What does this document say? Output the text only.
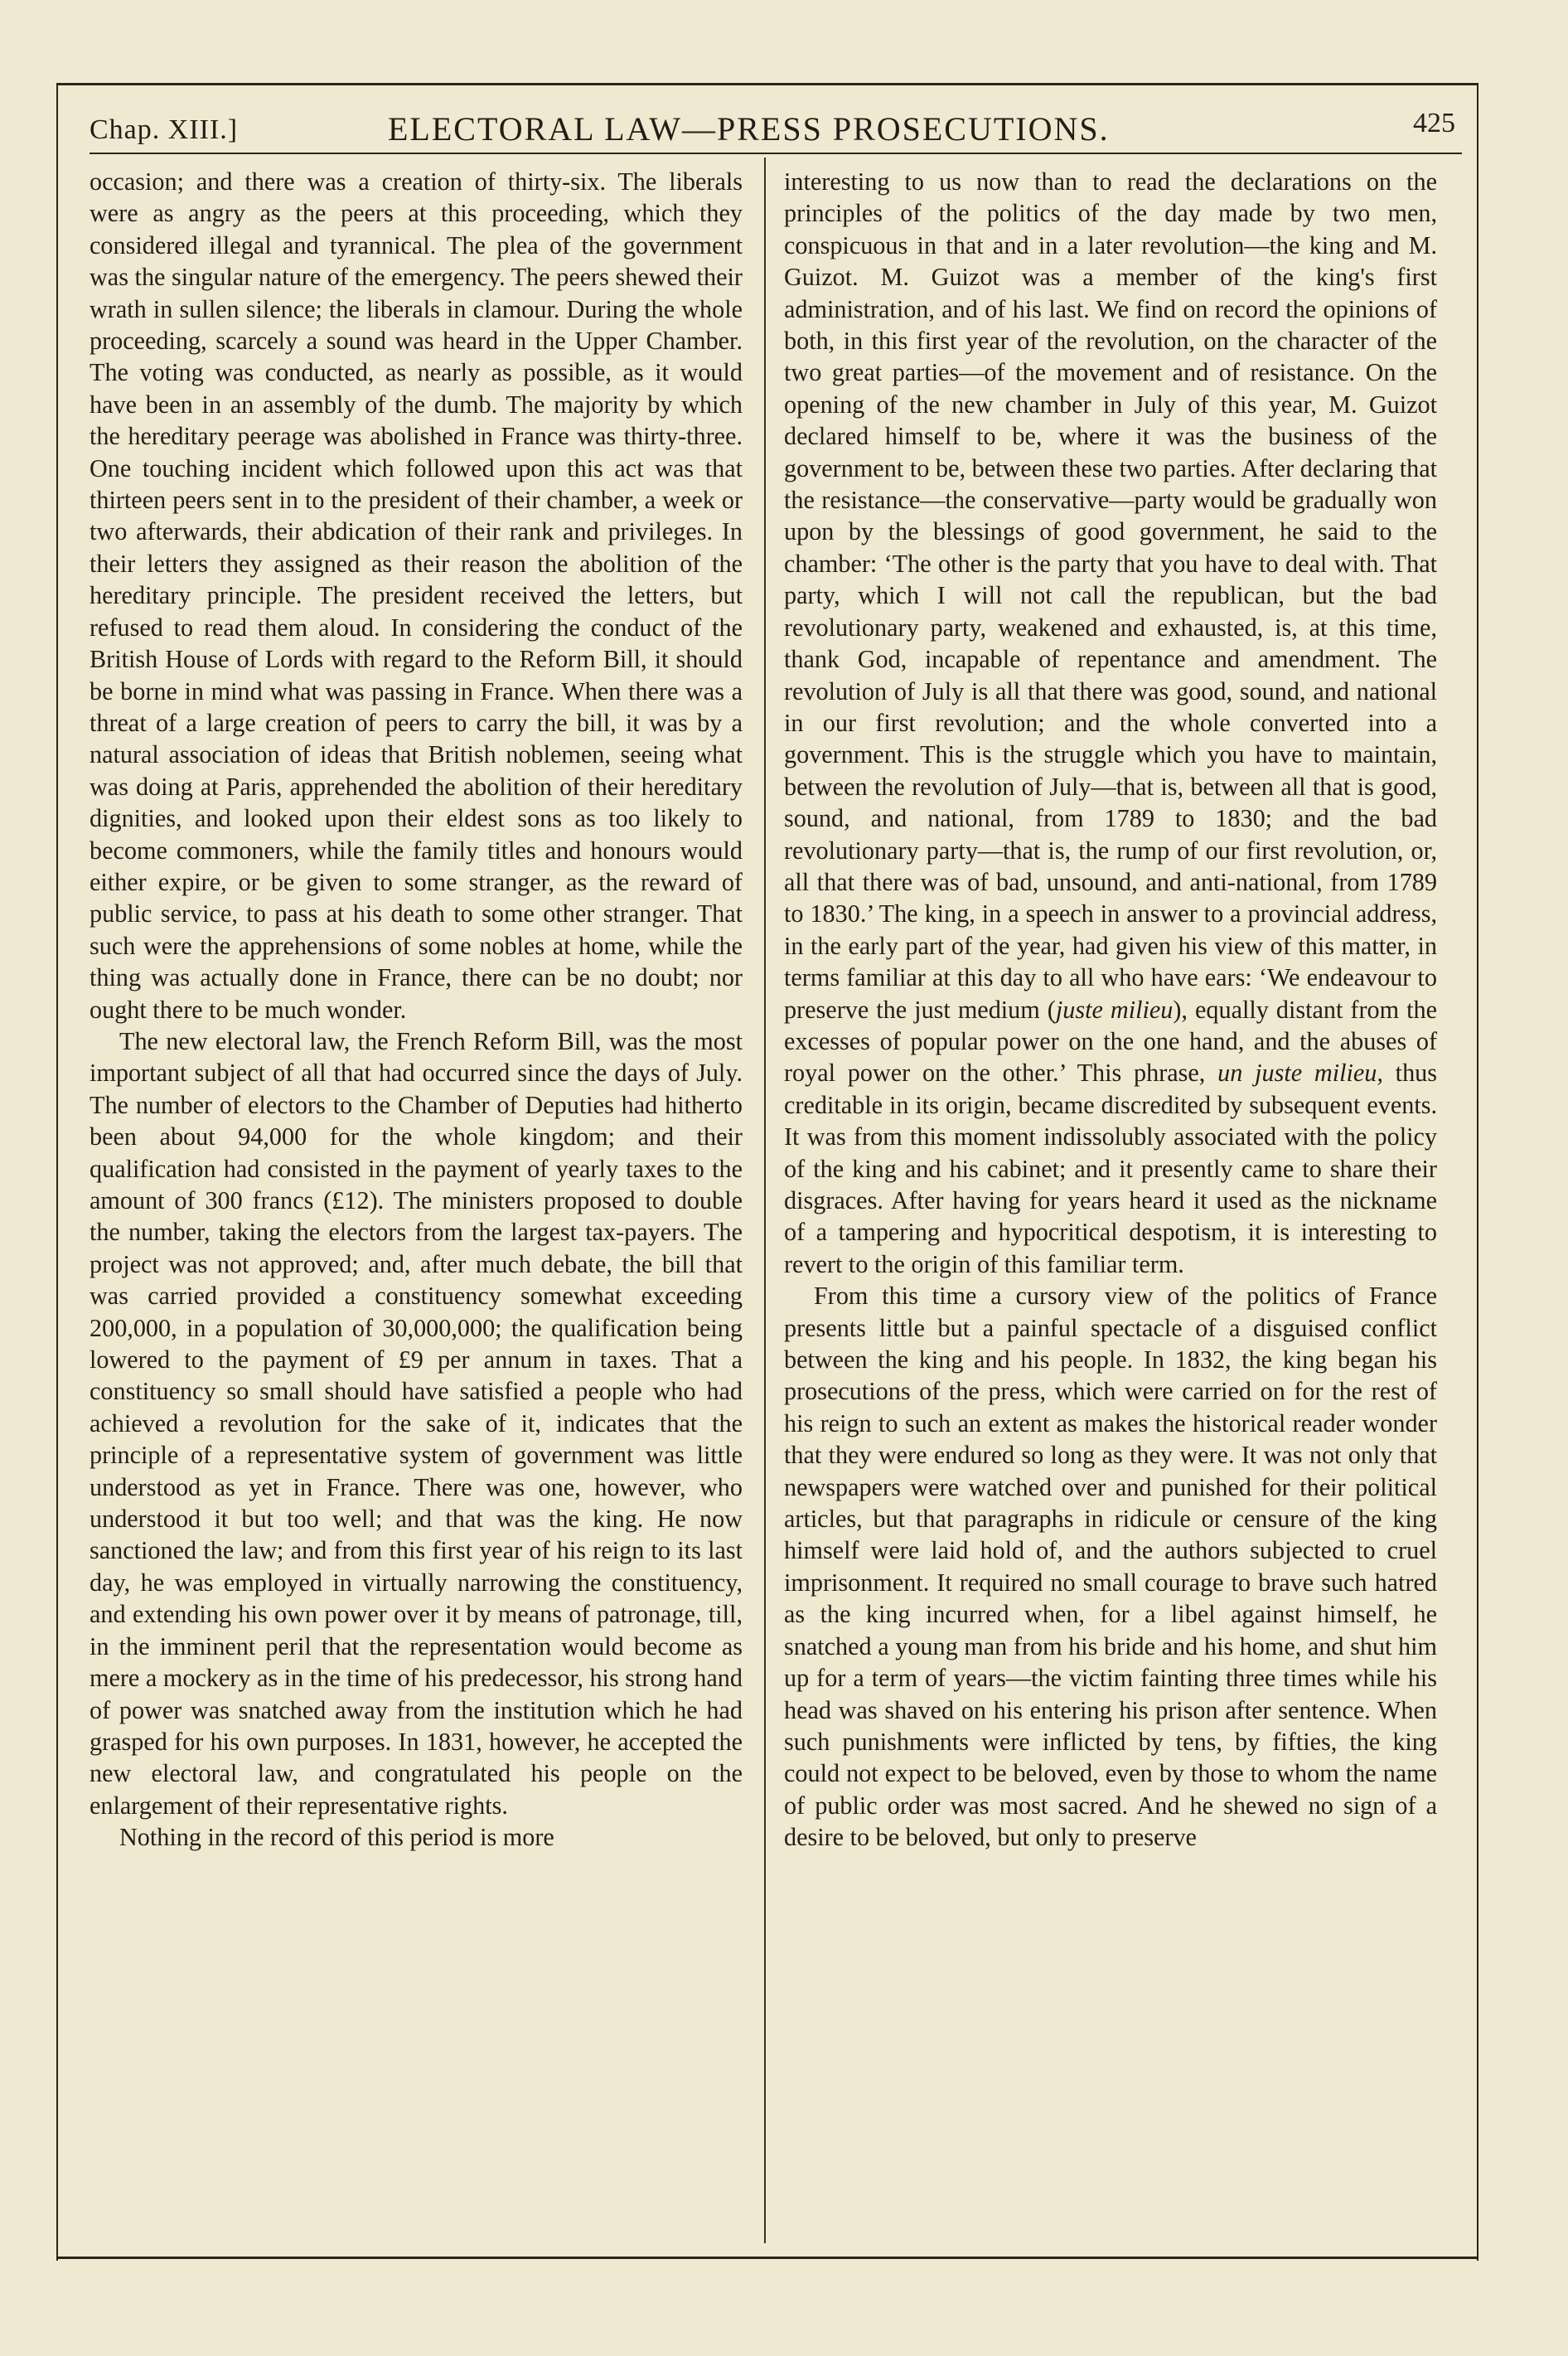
Chap. XIII.]	ELECTORAL LAW—PRESS PROSECUTIONS.	425

occasion; and there was a creation of thirty-six. The liberals were as angry as the peers at this proceeding, which they considered illegal and tyrannical. The plea of the government was the singular nature of the emergency. The peers shewed their wrath in sullen silence; the liberals in clamour. During the whole proceeding, scarcely a sound was heard in the Upper Chamber. The voting was conducted, as nearly as possible, as it would have been in an assembly of the dumb. The majority by which the hereditary peerage was abolished in France was thirty-three. One touching incident which followed upon this act was that thirteen peers sent in to the president of their chamber, a week or two afterwards, their abdication of their rank and privileges. In their letters they assigned as their reason the abolition of the hereditary principle. The president received the letters, but refused to read them aloud. In considering the conduct of the British House of Lords with regard to the Reform Bill, it should be borne in mind what was passing in France. When there was a threat of a large creation of peers to carry the bill, it was by a natural association of ideas that British noblemen, seeing what was doing at Paris, apprehended the abolition of their hereditary dignities, and looked upon their eldest sons as too likely to become commoners, while the family titles and honours would either expire, or be given to some stranger, as the reward of public service, to pass at his death to some other stranger. That such were the apprehensions of some nobles at home, while the thing was actually done in France, there can be no doubt; nor ought there to be much wonder.

The new electoral law, the French Reform Bill, was the most important subject of all that had occurred since the days of July. The number of electors to the Chamber of Deputies had hitherto been about 94,000 for the whole kingdom; and their qualification had consisted in the payment of yearly taxes to the amount of 300 francs (£12). The ministers proposed to double the number, taking the electors from the largest tax-payers. The project was not approved; and, after much debate, the bill that was carried provided a constituency somewhat exceeding 200,000, in a population of 30,000,000; the qualification being lowered to the payment of £9 per annum in taxes. That a constituency so small should have satisfied a people who had achieved a revolution for the sake of it, indicates that the principle of a representative system of government was little understood as yet in France. There was one, however, who understood it but too well; and that was the king. He now sanctioned the law; and from this first year of his reign to its last day, he was employed in virtually narrowing the constituency, and extending his own power over it by means of patronage, till, in the imminent peril that the representation would become as mere a mockery as in the time of his predecessor, his strong hand of power was snatched away from the institution which he had grasped for his own purposes. In 1831, however, he accepted the new electoral law, and congratulated his people on the enlargement of their representative rights.

Nothing in the record of this period is more

interesting to us now than to read the declarations on the principles of the politics of the day made by two men, conspicuous in that and in a later revolution—the king and M. Guizot. M. Guizot was a member of the king's first administration, and of his last. We find on record the opinions of both, in this first year of the revolution, on the character of the two great parties—of the movement and of resistance. On the opening of the new chamber in July of this year, M. Guizot declared himself to be, where it was the business of the government to be, between these two parties. After declaring that the resistance—the conservative—party would be gradually won upon by the blessings of good government, he said to the chamber: ‘The other is the party that you have to deal with. That party, which I will not call the republican, but the bad revolutionary party, weakened and exhausted, is, at this time, thank God, incapable of repentance and amendment. The revolution of July is all that there was good, sound, and national in our first revolution; and the whole converted into a government. This is the struggle which you have to maintain, between the revolution of July—that is, between all that is good, sound, and national, from 1789 to 1830; and the bad revolutionary party—that is, the rump of our first revolution, or, all that there was of bad, unsound, and anti-national, from 1789 to 1830.’ The king, in a speech in answer to a provincial address, in the early part of the year, had given his view of this matter, in terms familiar at this day to all who have ears: ‘We endeavour to preserve the just medium (juste milieu), equally distant from the excesses of popular power on the one hand, and the abuses of royal power on the other.’ This phrase, un juste milieu, thus creditable in its origin, became discredited by subsequent events. It was from this moment indissolubly associated with the policy of the king and his cabinet; and it presently came to share their disgraces. After having for years heard it used as the nickname of a tampering and hypocritical despotism, it is interesting to revert to the origin of this familiar term.

From this time a cursory view of the politics of France presents little but a painful spectacle of a disguised conflict between the king and his people. In 1832, the king began his prosecutions of the press, which were carried on for the rest of his reign to such an extent as makes the historical reader wonder that they were endured so long as they were. It was not only that newspapers were watched over and punished for their political articles, but that paragraphs in ridicule or censure of the king himself were laid hold of, and the authors subjected to cruel imprisonment. It required no small courage to brave such hatred as the king incurred when, for a libel against himself, he snatched a young man from his bride and his home, and shut him up for a term of years—the victim fainting three times while his head was shaved on his entering his prison after sentence. When such punishments were inflicted by tens, by fifties, the king could not expect to be beloved, even by those to whom the name of public order was most sacred. And he shewed no sign of a desire to be beloved, but only to preserve
